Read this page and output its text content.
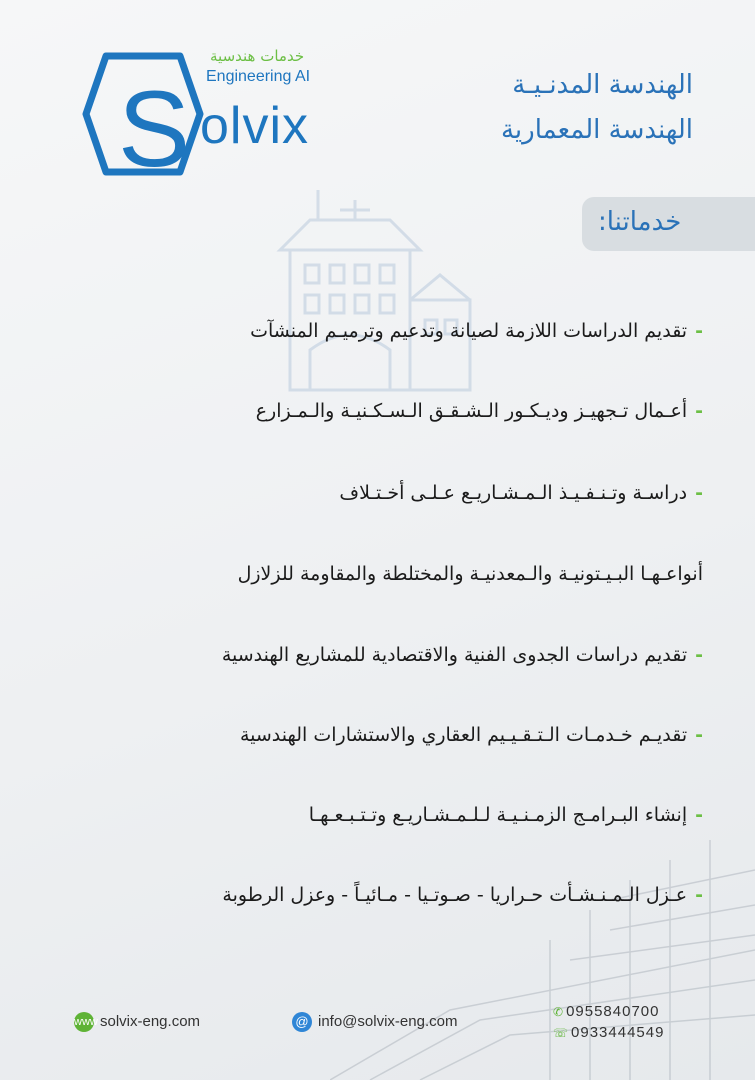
S
خدمات هندسية
Engineering AI
olvix
الهندسة المدنـيـة
الهندسة المعمارية
خدماتنا:
-تقديم الدراسات اللازمة لصيانة وتدعيم وترميـم المنشآت
-أعـمال تـجهيـز وديـكـور الـشـقـق الـسـكـنيـة والـمـزارع
-دراسـة وتـنـفـيـذ الـمـشـاريـع عـلـى أخـتـلاف
أنواعـهـا البـيـتونيـة والـمعدنيـة والمختلطة والمقاومة للزلازل
-تقديم دراسات الجدوى الفنية والاقتصادية للمشاريع الهندسية
-تقديـم خـدمـات الـتـقـيـيم العقاري والاستشارات الهندسية
-إنشاء البـرامـج الزمـنـيـة لـلـمـشـاريـع وتـتـبـعـهـا
-عـزل الـمـنـشـأت حـراريا - صـوتـيا - مـائيـاً - وعزل الرطوبة
www solvix-eng.com	@ info@solvix-eng.com
✆ 0955840700
☏ 0933444549
